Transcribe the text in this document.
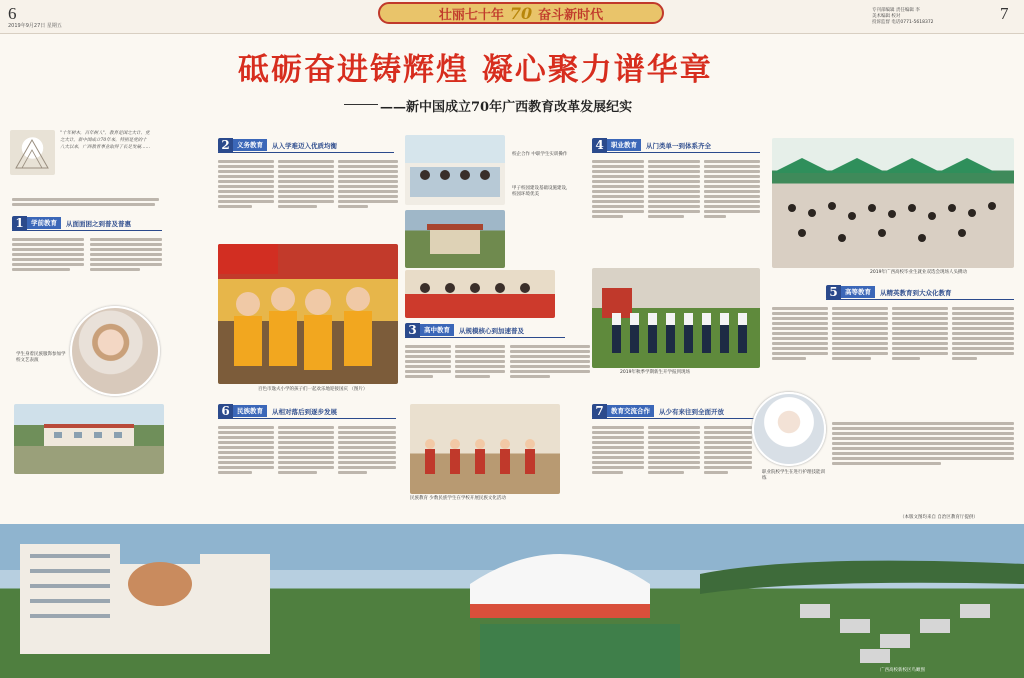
6
2019年9月27日 星期五
壮丽七十年 70 奋斗新时代	专刊部编辑 责任编辑 李
美术编辑 校对
投诉监督 电话0771-5618372	7
砥砺奋进铸辉煌 凝心聚力谱华章
——新中国成立70年广西教育改革发展纪实
"十年树木，百年树人"，教育是国之大计、党之大计。新中国成立70年来，特别是党的十八大以来，广西教育事业取得了长足发展……
1	学前教育	从面面困之到普及普惠
学生身着民族服饰参加学校文艺表演
2	义务教育	从入学难迈入优质均衡
百色市逸夫小学的孩子们一起欢乐地迎接国庆 （图片）
校企合作 中职学生实训操作
甲子校园建设基础设施建设，校园环境优美
3	高中教育	从规模核心到加速普及
4	职业教育	从门类单一到体系齐全
2019年秋季学期新生开学报到现场
2019年广西高校毕业生就业双选会现场人头攒动
5	高等教育	从精英教育到大众化教育
6	民族教育	从相对落后到逐步发展
民族教育 少数民族学生在学校开展民族文化活动
7	教育交流合作	从少有来往到全面开放
职业院校学生在进行护理技能训练
（本版文图均来自 自治区教育厅提供）
广西高校新校区鸟瞰图
